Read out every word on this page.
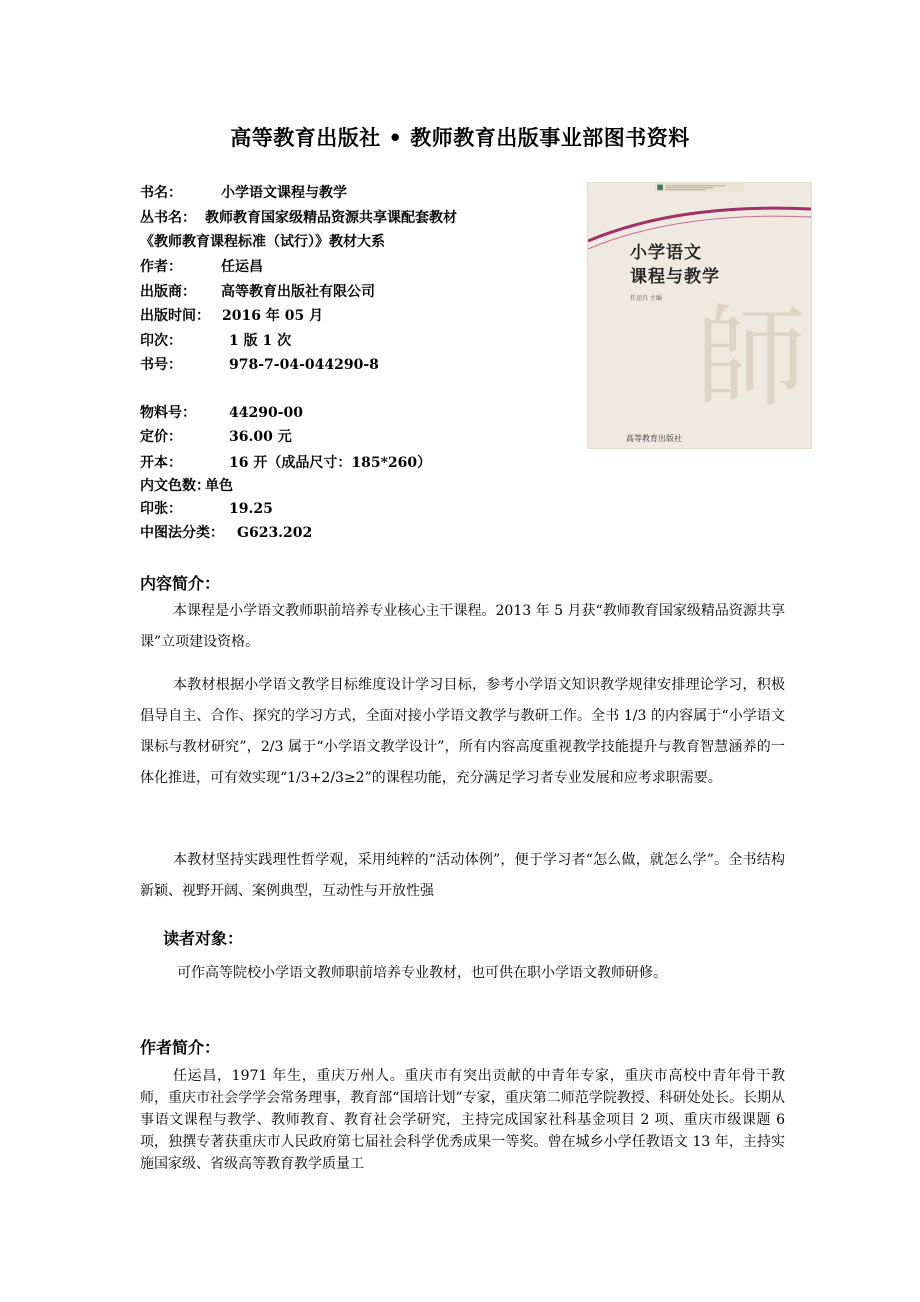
高等教育出版社 • 教师教育出版事业部图书资料
书名：	小学语文课程与教学
丛书名： 教师教育国家级精品资源共享课配套教材
《教师教育课程标准（试行）》教材大系
作者：	任运昌
出版商： 高等教育出版社有限公司
出版时间： 2016 年 05 月
印次：	1 版 1 次
书号：	978-7-04-044290-8
物料号： 44290-00
定价：	36.00 元
开本：	16 开（成品尺寸：185*260）
内文色数：
单色
印张：	19.25
中图法分类： G623.202
小学语文
课程与教学
任运昌 主编 師
高等教育出版社
内容简介：
本课程是小学语文教师职前培养专业核心主干课程。2013 年 5 月获“教师教育国家级精品资源共享课”立项建设资格。
本教材根据小学语文教学目标维度设计学习目标，参考小学语文知识教学规律安排理论学习，积极倡导自主、合作、探究的学习方式，全面对接小学语文教学与教研工作。全书 1/3 的内容属于“小学语文课标与教材研究”，2/3 属于“小学语文教学设计”，所有内容高度重视教学技能提升与教育智慧涵养的一体化推进，可有效实现“1/3+2/3≥2”的课程功能，充分满足学习者专业发展和应考求职需要。
本教材坚持实践理性哲学观，采用纯粹的“活动体例”，便于学习者“怎么做，就怎么学”。全书结构新颖、视野开阔、案例典型，互动性与开放性强
读者对象：
可作高等院校小学语文教师职前培养专业教材，也可供在职小学语文教师研修。
作者简介：
任运昌，1971 年生，重庆万州人。重庆市有突出贡献的中青年专家，重庆市高校中青年骨干教师，重庆市社会学学会常务理事，教育部“国培计划”专家，重庆第二师范学院教授、科研处处长。长期从事语文课程与教学、教师教育、教育社会学研究，主持完成国家社科基金项目 2 项、重庆市级课题 6 项，独撰专著获重庆市人民政府第七届社会科学优秀成果一等奖。曾在城乡小学任教语文 13 年，主持实施国家级、省级高等教育教学质量工
